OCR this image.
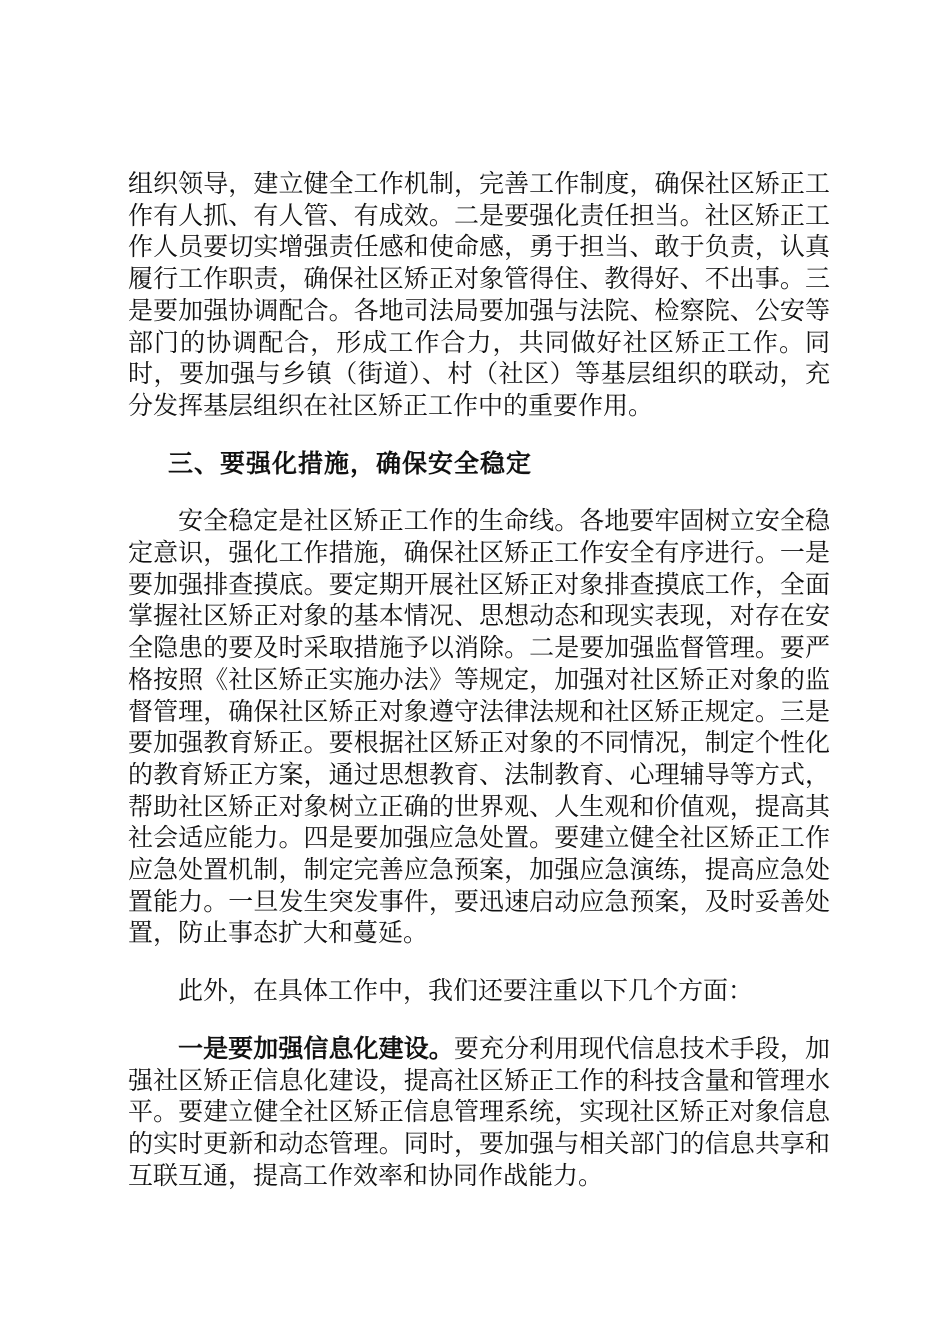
组织领导，建立健全工作机制，完善工作制度，确保社区矫正工作有人抓、有人管、有成效。二是要强化责任担当。社区矫正工作人员要切实增强责任感和使命感，勇于担当、敢于负责，认真履行工作职责，确保社区矫正对象管得住、教得好、不出事。三是要加强协调配合。各地司法局要加强与法院、检察院、公安等部门的协调配合，形成工作合力，共同做好社区矫正工作。同时，要加强与乡镇（街道）、村（社区）等基层组织的联动，充分发挥基层组织在社区矫正工作中的重要作用。

三、要强化措施，确保安全稳定

安全稳定是社区矫正工作的生命线。各地要牢固树立安全稳定意识，强化工作措施，确保社区矫正工作安全有序进行。一是要加强排查摸底。要定期开展社区矫正对象排查摸底工作，全面掌握社区矫正对象的基本情况、思想动态和现实表现，对存在安全隐患的要及时采取措施予以消除。二是要加强监督管理。要严格按照《社区矫正实施办法》等规定，加强对社区矫正对象的监督管理，确保社区矫正对象遵守法律法规和社区矫正规定。三是要加强教育矫正。要根据社区矫正对象的不同情况，制定个性化的教育矫正方案，通过思想教育、法制教育、心理辅导等方式，帮助社区矫正对象树立正确的世界观、人生观和价值观，提高其社会适应能力。四是要加强应急处置。要建立健全社区矫正工作应急处置机制，制定完善应急预案，加强应急演练，提高应急处置能力。一旦发生突发事件，要迅速启动应急预案，及时妥善处置，防止事态扩大和蔓延。

此外，在具体工作中，我们还要注重以下几个方面：

一是要加强信息化建设。要充分利用现代信息技术手段，加强社区矫正信息化建设，提高社区矫正工作的科技含量和管理水平。要建立健全社区矫正信息管理系统，实现社区矫正对象信息的实时更新和动态管理。同时，要加强与相关部门的信息共享和互联互通，提高工作效率和协同作战能力。
